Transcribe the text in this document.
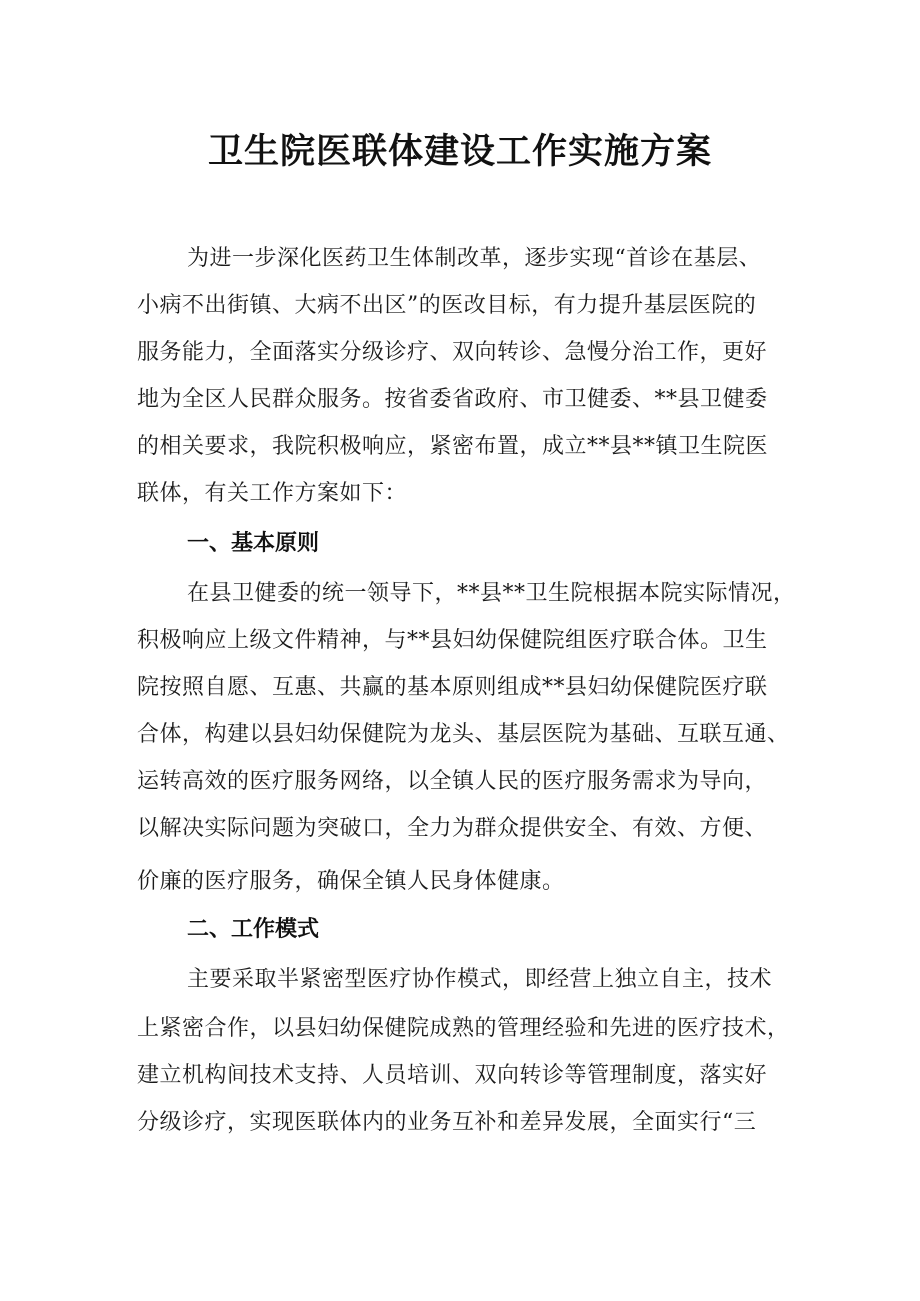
卫生院医联体建设工作实施方案
为进一步深化医药卫生体制改革，逐步实现“首诊在基层、
小病不出街镇、大病不出区”的医改目标，有力提升基层医院的
服务能力，全面落实分级诊疗、双向转诊、急慢分治工作，更好
地为全区人民群众服务。按省委省政府、市卫健委、**县卫健委
的相关要求，我院积极响应，紧密布置，成立**县**镇卫生院医
联体，有关工作方案如下：
一、基本原则
在县卫健委的统一领导下，**县**卫生院根据本院实际情况，
积极响应上级文件精神，与**县妇幼保健院组医疗联合体。卫生
院按照自愿、互惠、共赢的基本原则组成**县妇幼保健院医疗联
合体，构建以县妇幼保健院为龙头、基层医院为基础、互联互通、
运转高效的医疗服务网络，以全镇人民的医疗服务需求为导向，
以解决实际问题为突破口，全力为群众提供安全、有效、方便、
价廉的医疗服务，确保全镇人民身体健康。
二、工作模式
主要采取半紧密型医疗协作模式，即经营上独立自主，技术
上紧密合作，以县妇幼保健院成熟的管理经验和先进的医疗技术，
建立机构间技术支持、人员培训、双向转诊等管理制度，落实好
分级诊疗，实现医联体内的业务互补和差异发展，全面实行“三
